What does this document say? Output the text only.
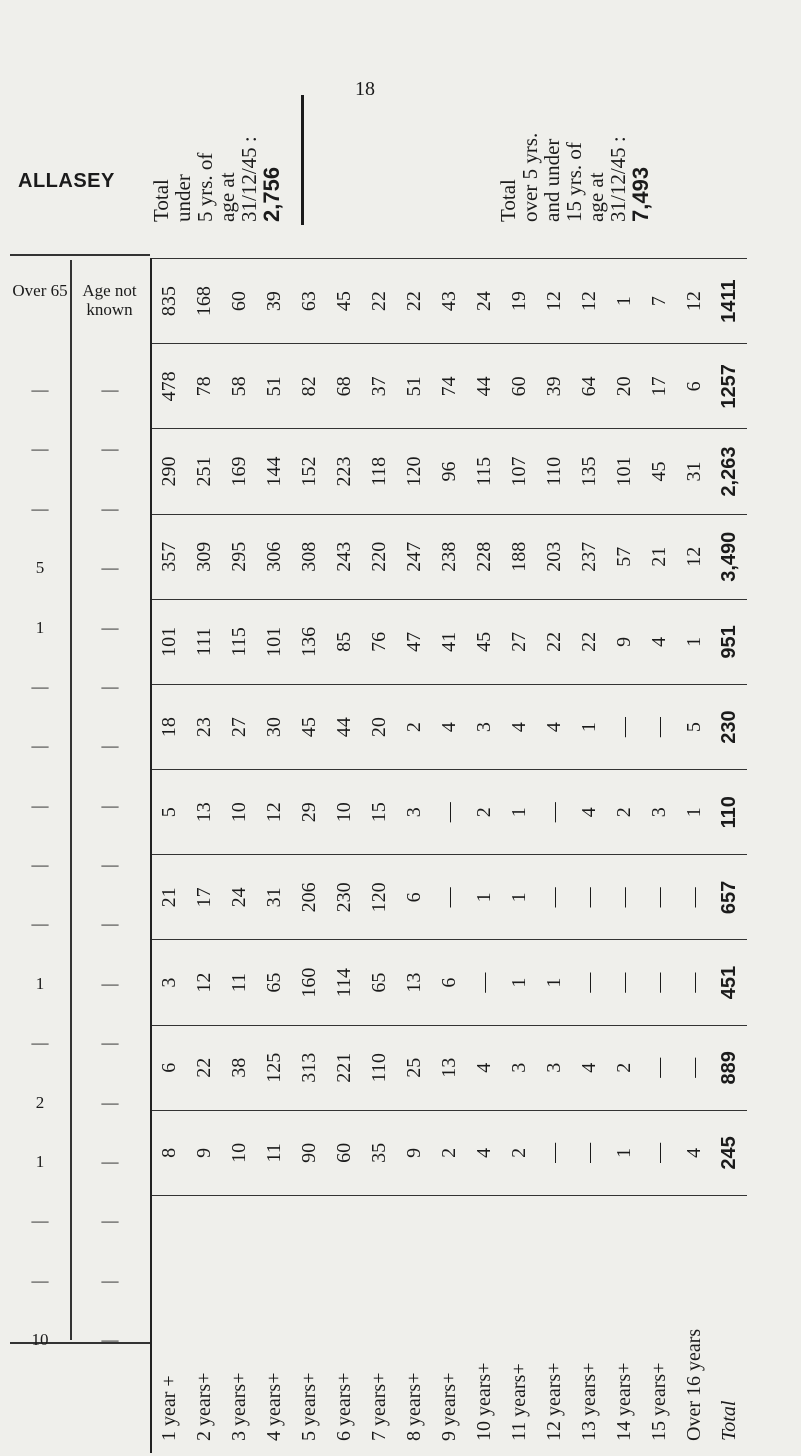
18
ALLASEY Total
under
5 yrs. of
age at
31/12/45 :
2,756	Total
over 5 yrs.
and under
15 yrs. of
age at
31/12/45 :
7,493
Over 65 Age not known
—	—
—	—
—	—
5	—
1	—
—	—
—	—
—	—
—	—
—	—
1	—
—	—
2	—
1	—
—	—
—	—
10	—
1 year +	8	6	3	21	5	18	101	357	290	478	835
2 years+	9	22	12	17	13	23	111	309	251	78	168
3 years+	10	38	11	24	10	27	115	295	169	58	60
4 years+	11	125	65	31	12	30	101	306	144	51	39
5 years+	90	313	160	206	29	45	136	308	152	82	63
6 years+	60	221	114	230	10	44	85	243	223	68	45
7 years+	35	110	65	120	15	20	76	220	118	37	22
8 years+	9	25	13	6	3	2	47	247	120	51	22
9 years+	2	13	6	—	—	4	41	238	96	74	43
10 years+	4	4	—	1	2	3	45	228	115	44	24
11 years+	2	3	1	1	1	4	27	188	107	60	19
12 years+	—	3	1	—	—	4	22	203	110	39	12
13 years+	—	4	—	—	4	1	22	237	135	64	12
14 years+	1	2	—	—	2	—	9	57	101	20	1
15 years+	—	—	—	—	3	—	4	21	45	17	7
Over 16 years	4	—	—	—	1	5	1	12	31	6	12
Total	245	889	451	657	110	230	951	3,490	2,263	1257	1411
